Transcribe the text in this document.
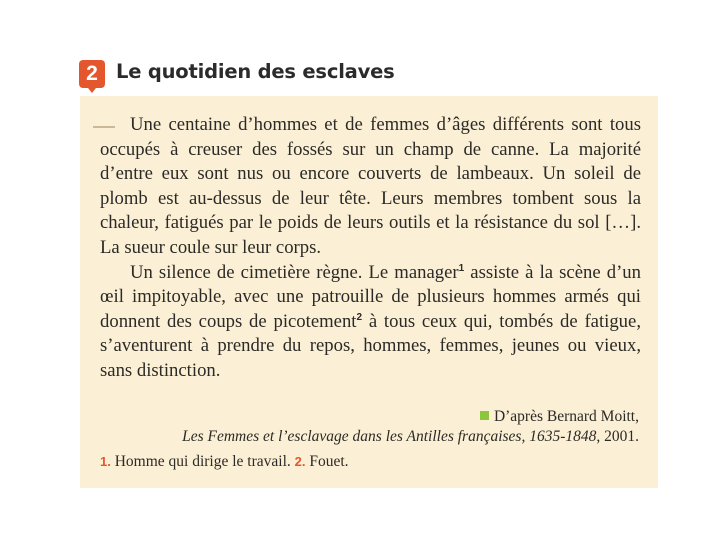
2 Le quotidien des esclaves

Une centaine d’hommes et de femmes d’âges différents sont tous occupés à creuser des fossés sur un champ de canne. La majorité d’entre eux sont nus ou encore couverts de lambeaux. Un soleil de plomb est au-dessus de leur tête. Leurs membres tombent sous la chaleur, fatigués par le poids de leurs outils et la résistance du sol […]. La sueur coule sur leur corps.

Un silence de cimetière règne. Le manager$^1$ assiste à la scène d’un œil impitoyable, avec une patrouille de plusieurs hommes armés qui donnent des coups de picotement$^2$ à tous ceux qui, tombés de fatigue, s’aventurent à prendre du repos, hommes, femmes, jeunes ou vieux, sans distinction.

D’après Bernard Moitt,
Les Femmes et l’esclavage dans les Antilles françaises, 1635-1848, 2001.
1. Homme qui dirige le travail. 2. Fouet.
